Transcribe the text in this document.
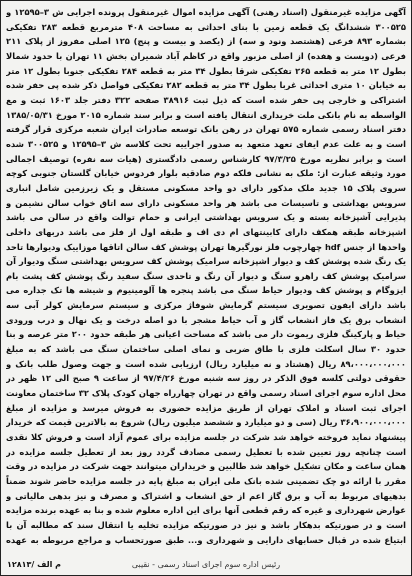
آگهی مزایده غیرمنقول (اسناد رهنی) آگهی مزایده اموال غیرمنقول پرونده اجرایی ش ۳–۱۲۵۹۵ و ۳۰۰۵۲۵ ششدانگ یک قطعه زمین با بنای احداثی به مساحت ۴۰۸ مترمربع قطعه ۲۸۳ تفکیکی بشماره ۸۹۳ فرعی (هشتصد ونود و سه) از (یکصد و بیست و پنج) ۱۲۵ اصلی مفروز از پلاک ۲۱۱ فرعی (دویست و هفده) از اصلی مزبور واقع در کاظم آباد شمیران بخش ۱۱ تهران با حدود شمالا بطول ۱۲ متر به قطعه ۲۶۵ تفکیکی شرقا بطول ۳۴ متر به قطعه ۲۸۴ تفکیکی جنوبا بطول ۱۲ متر به خیابان ۱۰ متری احداثی غربا بطول ۳۴ متر به قطعه ۲۸۲ تفکیکی فواصل ذکر شده پی حفر شده اشتراکی و خارجی پی حفر شده است که ذیل ثبت ۳۸۹۱۶ صفحه ۳۲۲ دفتر جلد ۱۶۰۳ ثبت و مع الواسطه به نام بانکی ملت خریداری انتقال یافته است و برابر سند شماره ۲۰۱۵ مورخ ۱۳۸۵/۰۵/۳۱ دفتر اسناد رسمی شماره ۵۷۵ تهران در رهن بانک توسعه صادرات ایران شعبه مرکزی قرار گرفته است و به علت عدم ایفای تعهد متعهد به صدور اجراییه تحت کلاسه ش ۳–۱۲۵۹۵ و ۳۰۰۵۲۵ شده است و برابر نظریه مورخ ۹۷/۳/۲۵ کارشناس رسمی دادگستری (هیات سه نفره) توصیف اجمالی مورد وثیقه عبارت از: ملک به نشانی فلکه دوم صادقیه بلوار فردوس خیابان گلستان جنوبی کوچه سروی پلاک ۱۵ جدید ملک مذکور دارای دو واحد مسکونی مستقل و یک زیرزمین شامل انباری سرویس بهداشتی و تاسیسات می باشد هر واحد مسکونی دارای سه اتاق خواب سالن نشیمن و پذیرایی آشپزخانه بسته و یک سرویس بهداشتی ایرانی و حمام توالت واقع در سالن می باشد اشپزخانه طبقه همکف دارای کابینتهای ام دی اف و طبقه اول از فلز می باشد دربهای داخلی واحدها از جنس hdf چهارچوب فلز نورگیرها تهران پوشش کف سالن اتاقها موزاییک ودیوارها تاحد یک رنگ شده پوشش کف و دیوار اشپزخانه سرامیک پوشش کف سرویس بهداشتی سنگ ودیوار آن سرامیک پوشش کف راهرو سنگ و دیوار آن رنگ و تاحدی سنگ سفید رنگ پوشش کف پشت بام ایزوگام و پوشش کف ودیوار حیاط سنگ می باشد پنجره ها آلومینیوم و شیشه ها تک جداره می باشد دارای ایفون تصویری سیستم گرمایش شوفاژ مرکزی و سیستم سرمایش کولر آبی سه انشعاب برق یک فاز انشعاب گاز و آب حیاط مشجر با دو اصله درخت و یک نهال و درب ورودی حیاط و پارکینگ فلزی ریموت دار می باشد که مساحت اعیانی هر طبقه حدود ۲۰۰ متر عرصه و بنا حدود ۳۰ سال اسکلت فلزی با طاق ضربی و نمای اصلی ساختمان سنگ می باشد که به مبلغ ۸۹،۰۰۰،۰۰۰،۰۰۰ ریال (هشتاد و نه میلیارد ریال) ارزیابی شده است و جهت وصول طلب بانک و حقوقی دولتی کلسه فوق الذکر در روز سه شنبه مورخ ۹۷/۴/۲۶ از ساعت ۹ صبح الی ۱۲ ظهر در محل اداره سوم اجرای اسناد رسمی واقع در تهران چهارراه جهان کودک پلاک ۳۲ ساختمان معاونت اجرای ثبت اسناد و املاک تهران از طریق مزایده حضوری به فروش میرسد و مزایده از مبلغ ۳۶،۹۰۰،۰۰۰،۰۰۰ ریال (سی و دو میلیارد و ششصد میلیون ریال) شروع به بالاترین قیمت که خریدار پیشنهاد نماید فروخته خواهد شد شرکت در جلسه مزایده برای عموم آزاد است و فروش کلا نقدی است چنانچه روز تعیین شده با تعطیل رسمی مصادف گردد روز بعد از تعطیل جلسه مزایده در همان ساعت و مکان تشکیل خواهد شد طالبین و خریداران میتوانند جهت شرکت در مزایده در وقت مقرر با ارائه دو چک تضمینی شده بانک ملی ایران به مبلغ پایه در جلسه مزایده حاضر شوند ضمناً بدهیهای مربوط به آب و برق گاز اعم از حق انشعاب و اشتراک و مصرف و نیز بدهی مالیاتی و عوارض شهرداری و غیره که رقم قطعی آنها برای این اداره معلوم شده و بنا به عهده برنده مزایده است و در صورتیکه بدهکار باشد و نیز در صورتیکه مزایده تخلیه یا انتقال سند که مطالبه آن با ابتیاع شده در قبال حسابهای دارایی و شهرداری و... طبق صورتحساب و مراجع مربوطه به عهده
رئیس اداره سوم اجرای اسناد رسمی - نقیبی
۱۲۸۱۳/ م الف
